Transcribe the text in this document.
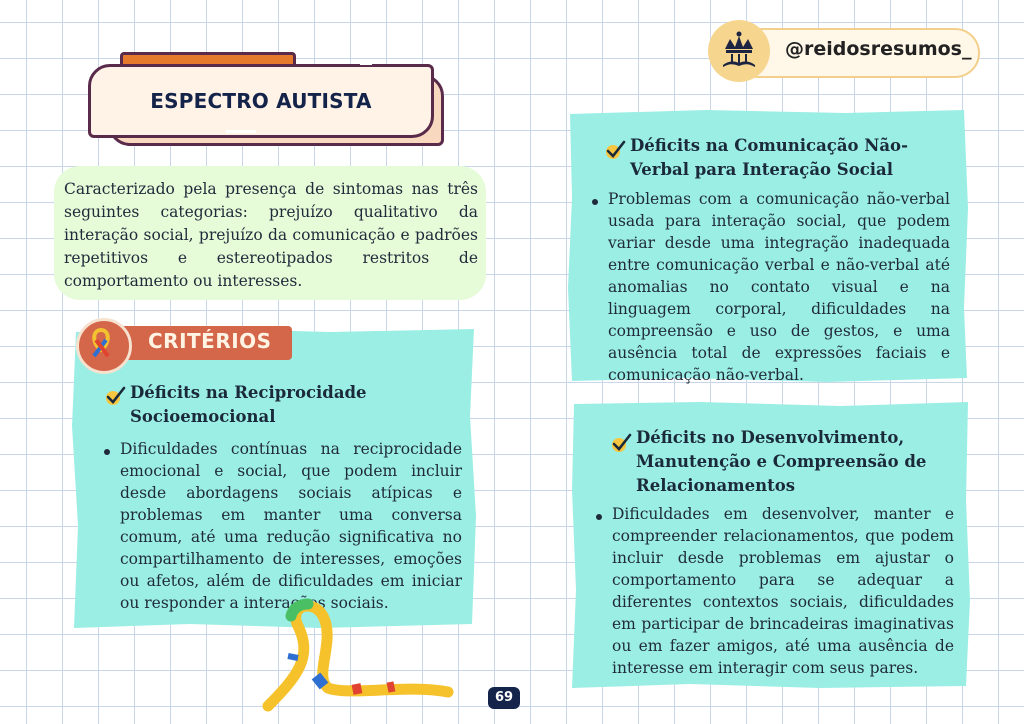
ESPECTRO AUTISTA
@reidosresumos_
Caracterizado pela presença de sintomas nas três seguintes categorias: prejuízo qualitativo da interação social, prejuízo da comunicação e padrões repetitivos e estereotipados restritos de comportamento ou interesses.
CRITÉRIOS
Déficits na Reciprocidade Socioemocional
Dificuldades contínuas na reciprocidade emocional e social, que podem incluir desde abordagens sociais atípicas e problemas em manter uma conversa comum, até uma redução significativa no compartilhamento de interesses, emoções ou afetos, além de dificuldades em iniciar ou responder a interações sociais.
Déficits na Comunicação Não-Verbal para Interação Social
Problemas com a comunicação não-verbal usada para interação social, que podem variar desde uma integração inadequada entre comunicação verbal e não-verbal até anomalias no contato visual e na linguagem corporal, dificuldades na compreensão e uso de gestos, e uma ausência total de expressões faciais e comunicação não-verbal.
Déficits no Desenvolvimento, Manutenção e Compreensão de Relacionamentos
Dificuldades em desenvolver, manter e compreender relacionamentos, que podem incluir desde problemas em ajustar o comportamento para se adequar a diferentes contextos sociais, dificuldades em participar de brincadeiras imaginativas ou em fazer amigos, até uma ausência de interesse em interagir com seus pares.
69
